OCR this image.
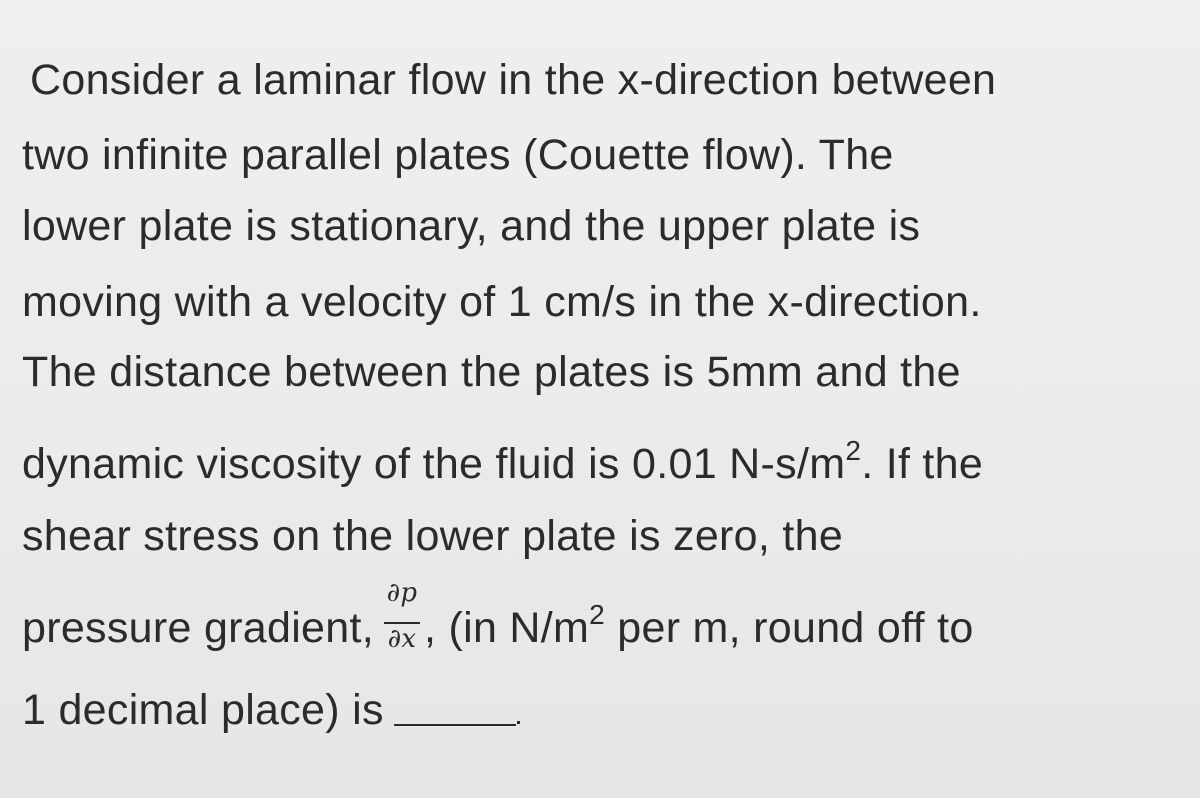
Consider a laminar flow in the x-direction between
two infinite parallel plates (Couette flow). The
lower plate is stationary, and the upper plate is
moving with a velocity of 1 cm/s in the x-direction.
The distance between the plates is 5mm and the
dynamic viscosity of the fluid is 0.01 $N-s/m^2$. If the
shear stress on the lower plate is zero, the
pressure gradient, $\frac{\partial p}{\partial x}$ , (in $N/m^2$ per m, round off to
1 decimal place) is
